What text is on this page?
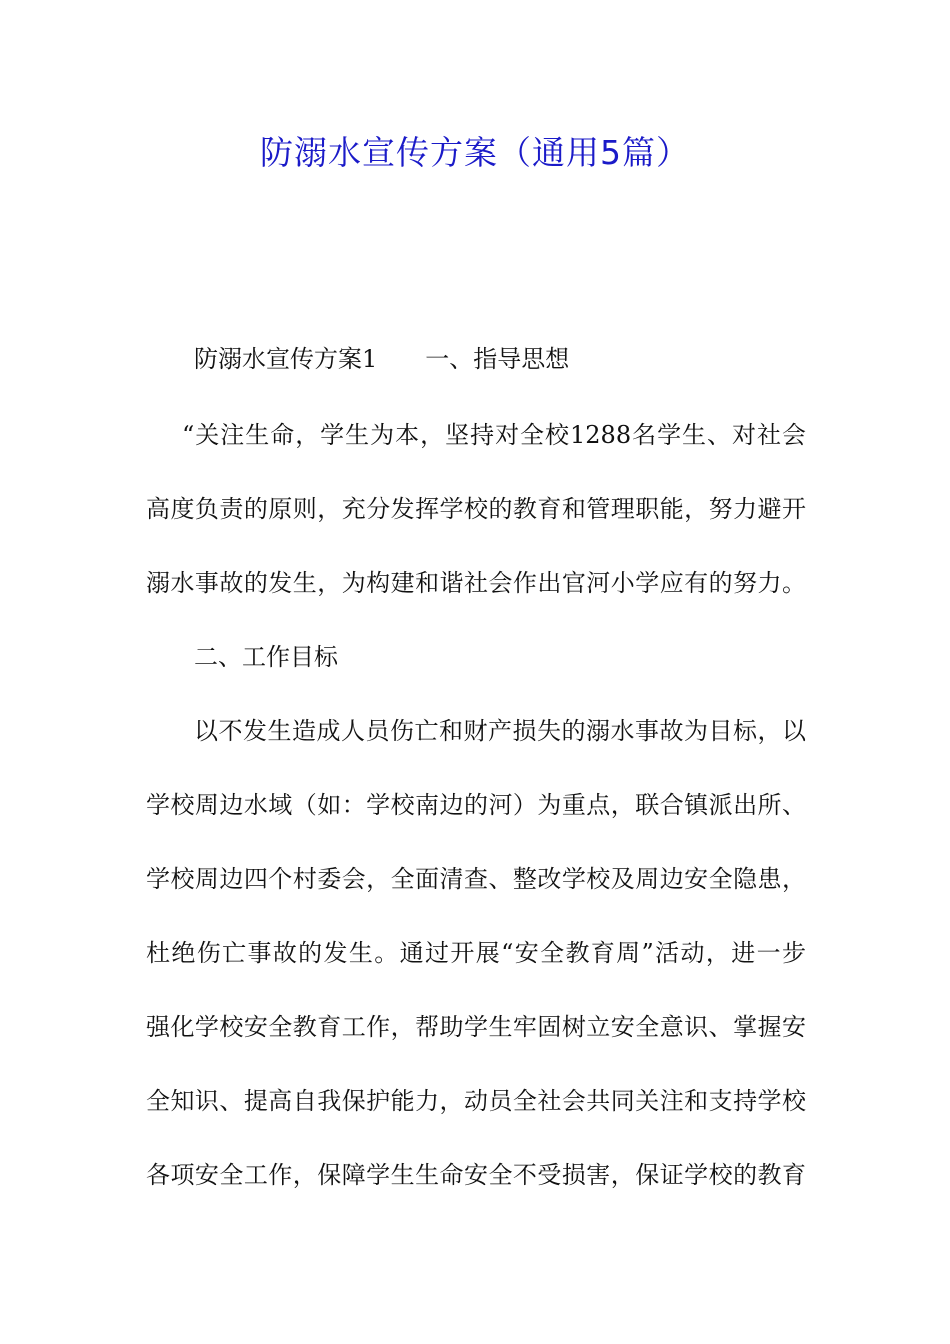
防溺水宣传方案（通用5篇）
防溺水宣传方案1　　一、指导思想
“关注生命，学生为本，坚持对全校1288名学生、对社会
高度负责的原则，充分发挥学校的教育和管理职能，努力避开
溺水事故的发生，为构建和谐社会作出官河小学应有的努力。
二、工作目标
以不发生造成人员伤亡和财产损失的溺水事故为目标，以
学校周边水域（如：学校南边的河）为重点，联合镇派出所、
学校周边四个村委会，全面清查、整改学校及周边安全隐患，
杜绝伤亡事故的发生。通过开展“安全教育周”活动，进一步
强化学校安全教育工作，帮助学生牢固树立安全意识、掌握安
全知识、提高自我保护能力，动员全社会共同关注和支持学校
各项安全工作，保障学生生命安全不受损害，保证学校的教育
